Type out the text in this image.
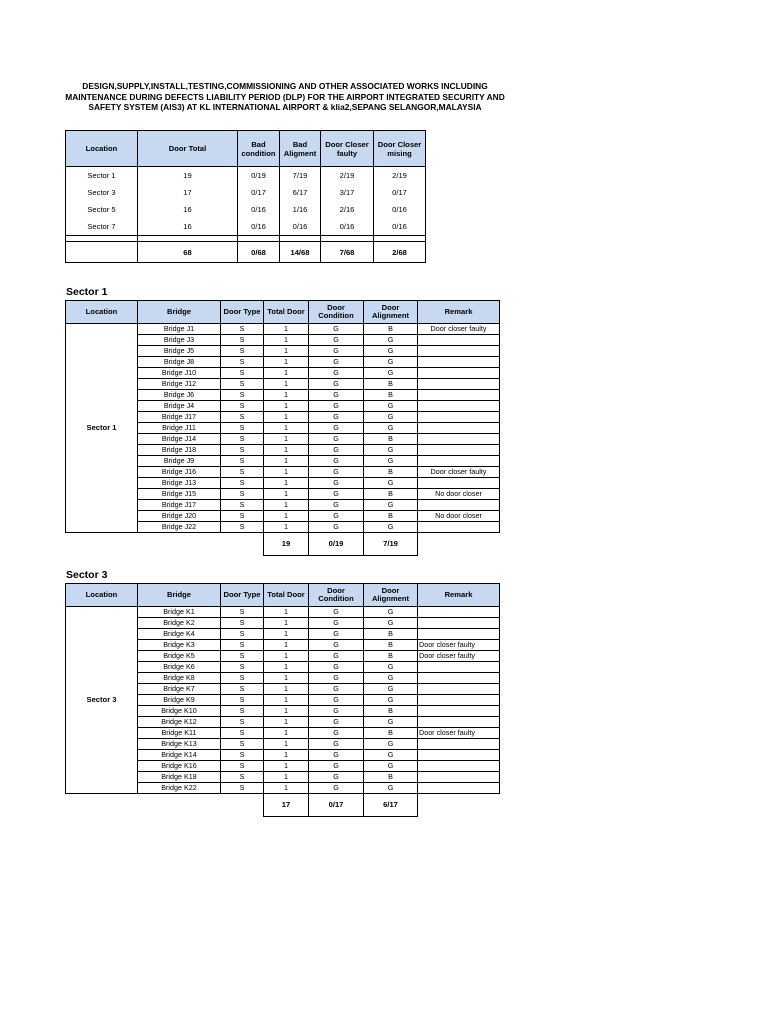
DESIGN,SUPPLY,INSTALL,TESTING,COMMISSIONING AND OTHER ASSOCIATED WORKS INCLUDING MAINTENANCE DURING DEFECTS LIABILITY PERIOD (DLP) FOR THE AIRPORT INTEGRATED SECURITY AND SAFETY SYSTEM (AIS3) AT KL INTERNATIONAL AIRPORT & klia2,SEPANG SELANGOR,MALAYSIA
Location	Door Total	Bad condition	Bad Aligment	Door Closer faulty	Door Closer mising
Sector 1	19	0/19	7/19	2/19	2/19
Sector 3	17	0/17	6/17	3/17	0/17
Sector 5	16	0/16	1/16	2/16	0/16
Sector 7	16	0/16	0/16	0/16	0/16

	68	0/68	14/68	7/68	2/68
Sector 1
Location	Bridge	Door Type	Total Door	Door Condition	Door Alignment	Remark
Sector 1	Bridge J1	S	1	G	B	Door closer faulty
	Bridge J3	S	1	G	G	
	Bridge J5	S	1	G	G	
	Bridge J8	S	1	G	G	
	Bridge J10	S	1	G	G	
	Bridge J12	S	1	G	B	
	Bridge J6	S	1	G	B	
	Bridge J4	S	1	G	G	
	Bridge J17	S	1	G	G	
	Bridge J11	S	1	G	G	
	Bridge J14	S	1	G	B	
	Bridge J18	S	1	G	G	
	Bridge J9	S	1	G	G	
	Bridge J16	S	1	G	B	Door closer faulty
	Bridge J13	S	1	G	G	
	Bridge J15	S	1	G	B	No door closer
	Bridge J17	S	1	G	G	
	Bridge J20	S	1	G	B	No door closer
	Bridge J22	S	1	G	G	
			19	0/19	7/19	
Sector 3
Location	Bridge	Door Type	Total Door	Door Condition	Door Alignment	Remark
Sector 3	Bridge K1	S	1	G	G	
	Bridge K2	S	1	G	G	
	Bridge K4	S	1	G	B	
	Bridge K3	S	1	G	B	Door closer faulty
	Bridge K5	S	1	G	B	Door closer faulty
	Bridge K6	S	1	G	G	
	Bridge K8	S	1	G	G	
	Bridge K7	S	1	G	G	
	Bridge K9	S	1	G	G	
	Bridge K10	S	1	G	B	
	Bridge K12	S	1	G	G	
	Bridge K11	S	1	G	B	Door closer faulty
	Bridge K13	S	1	G	G	
	Bridge K14	S	1	G	G	
	Bridge K16	S	1	G	G	
	Bridge K18	S	1	G	B	
	Bridge K22	S	1	G	G	
			17	0/17	6/17	
